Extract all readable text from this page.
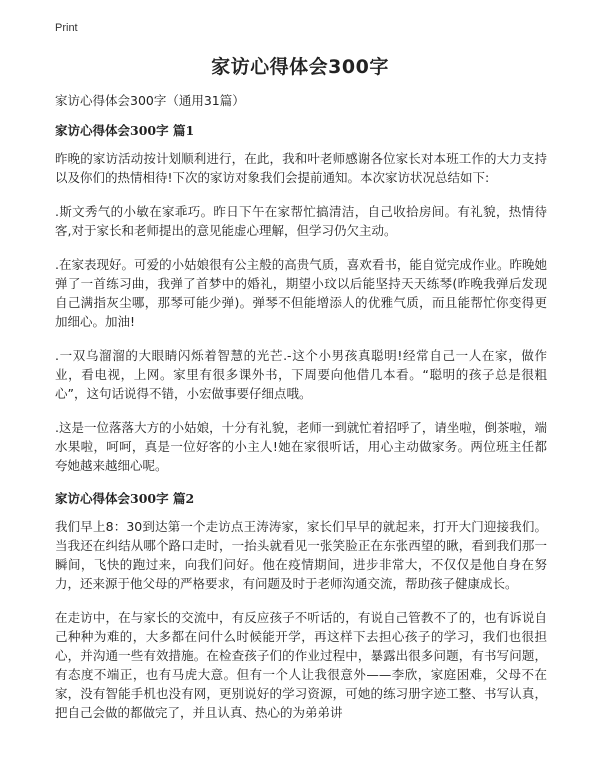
Print
家访心得体会300字

家访心得体会300字（通用31篇）

家访心得体会300字 篇1

昨晚的家访活动按计划顺利进行，在此，我和叶老师感谢各位家长对本班工作的大力支持以及你们的热情相待!下次的家访对象我们会提前通知。本次家访状况总结如下:

.斯文秀气的小敏在家乖巧。昨日下午在家帮忙搞清洁，自己收拾房间。有礼貌，热情待客,对于家长和老师提出的意见能虚心理解，但学习仍欠主动。

.在家表现好。可爱的小姑娘很有公主般的高贵气质，喜欢看书，能自觉完成作业。昨晚她弹了一首练习曲，我弹了首梦中的婚礼，期望小玟以后能坚持天天练琴(昨晚我弹后发现自己满指灰尘哪，那琴可能少弹)。弹琴不但能增添人的优雅气质，而且能帮忙你变得更加细心。加油!

.一双乌溜溜的大眼睛闪烁着智慧的光芒.-这个小男孩真聪明!经常自己一人在家，做作业，看电视，上网。家里有很多课外书，下周要向他借几本看。“聪明的孩子总是很粗心”，这句话说得不错，小宏做事要仔细点哦。

.这是一位落落大方的小姑娘，十分有礼貌，老师一到就忙着招呼了，请坐啦，倒茶啦，端水果啦，呵呵，真是一位好客的小主人!她在家很听话，用心主动做家务。两位班主任都夸她越来越细心呢。

家访心得体会300字 篇2

我们早上8：30到达第一个走访点王涛涛家，家长们早早的就起来，打开大门迎接我们。当我还在纠结从哪个路口走时，一抬头就看见一张笑脸正在东张西望的瞅，看到我们那一瞬间，飞快的跑过来，向我们问好。他在疫情期间，进步非常大，不仅仅是他自身在努力，还来源于他父母的严格要求，有问题及时于老师沟通交流，帮助孩子健康成长。

在走访中，在与家长的交流中，有反应孩子不听话的，有说自己管教不了的，也有诉说自己种种为难的，大多都在问什么时候能开学，再这样下去担心孩子的学习，我们也很担心，并沟通一些有效措施。在检查孩子们的作业过程中，暴露出很多问题，有书写问题，有态度不端正，也有马虎大意。但有一个人让我很意外——李欣，家庭困难，父母不在家，没有智能手机也没有网，更别说好的学习资源，可她的练习册字迹工整、书写认真，把自己会做的都做完了，并且认真、热心的为弟弟讲
